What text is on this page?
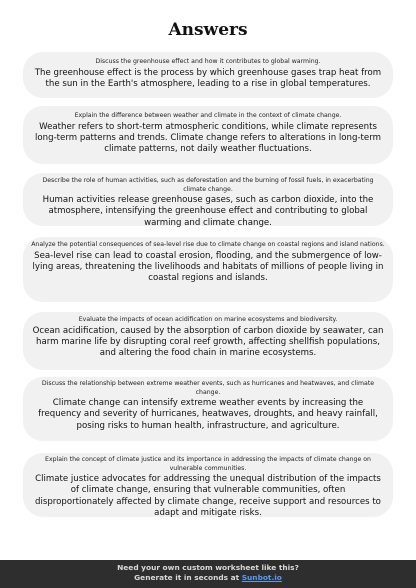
Answers
Discuss the greenhouse effect and how it contributes to global warming.
The greenhouse effect is the process by which greenhouse gases trap heat from the sun in the Earth's atmosphere, leading to a rise in global temperatures.
Explain the difference between weather and climate in the context of climate change.
Weather refers to short-term atmospheric conditions, while climate represents long-term patterns and trends. Climate change refers to alterations in long-term climate patterns, not daily weather fluctuations.
Describe the role of human activities, such as deforestation and the burning of fossil fuels, in exacerbating climate change.
Human activities release greenhouse gases, such as carbon dioxide, into the atmosphere, intensifying the greenhouse effect and contributing to global warming and climate change.
Analyze the potential consequences of sea-level rise due to climate change on coastal regions and island nations.
Sea-level rise can lead to coastal erosion, flooding, and the submergence of low-lying areas, threatening the livelihoods and habitats of millions of people living in coastal regions and islands.
Evaluate the impacts of ocean acidification on marine ecosystems and biodiversity.
Ocean acidification, caused by the absorption of carbon dioxide by seawater, can harm marine life by disrupting coral reef growth, affecting shellfish populations, and altering the food chain in marine ecosystems.
Discuss the relationship between extreme weather events, such as hurricanes and heatwaves, and climate change.
Climate change can intensify extreme weather events by increasing the frequency and severity of hurricanes, heatwaves, droughts, and heavy rainfall, posing risks to human health, infrastructure, and agriculture.
Explain the concept of climate justice and its importance in addressing the impacts of climate change on vulnerable communities.
Climate justice advocates for addressing the unequal distribution of the impacts of climate change, ensuring that vulnerable communities, often disproportionately affected by climate change, receive support and resources to adapt and mitigate risks.
Need your own custom worksheet like this?
Generate it in seconds at Sunbot.io
